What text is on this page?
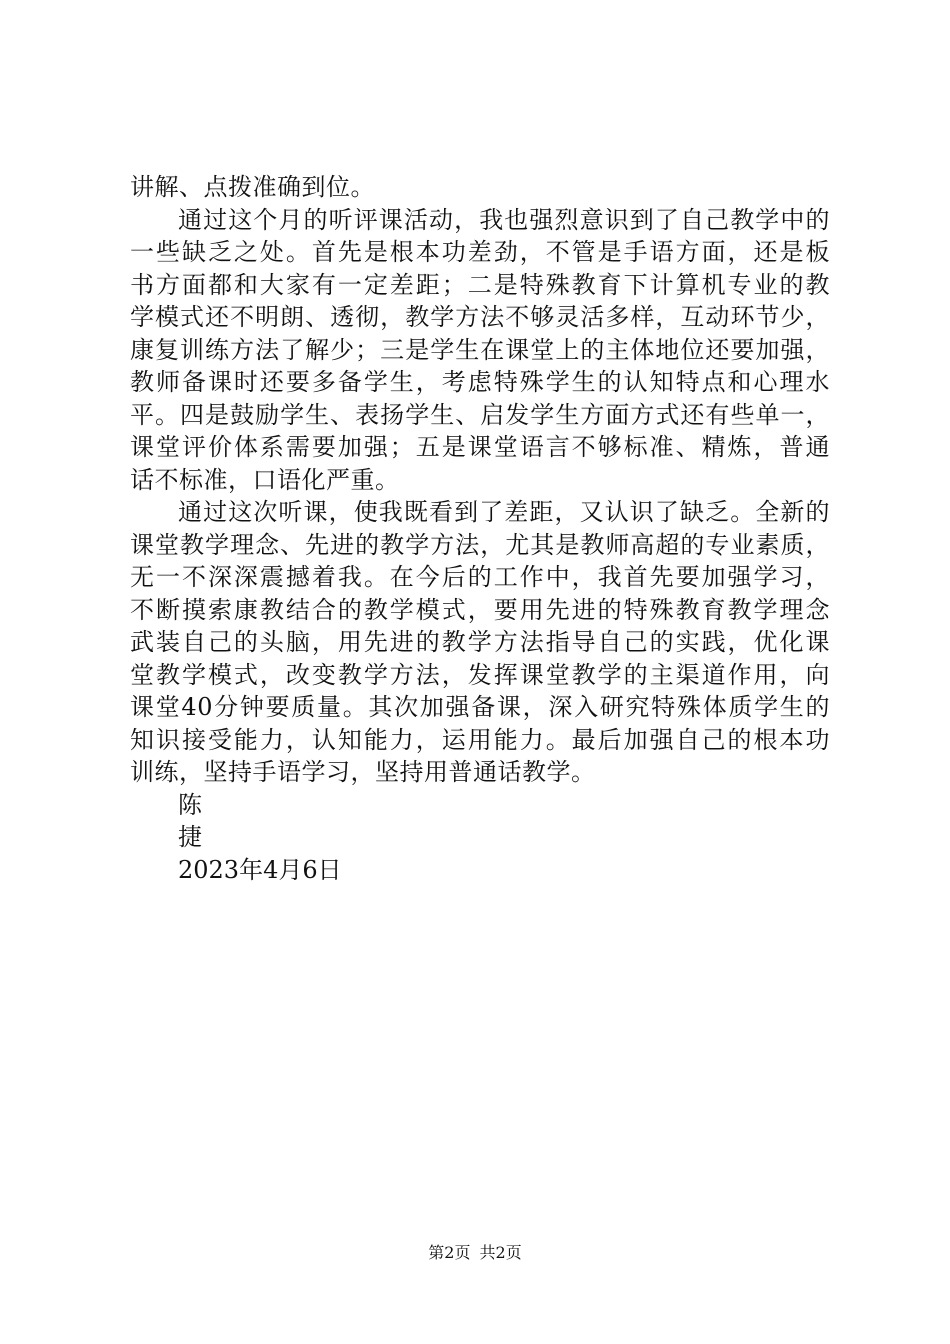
讲解、点拨准确到位。
通过这个月的听评课活动，我也强烈意识到了自己教学中的
一些缺乏之处。首先是根本功差劲，不管是手语方面，还是板
书方面都和大家有一定差距；二是特殊教育下计算机专业的教
学模式还不明朗、透彻，教学方法不够灵活多样，互动环节少，
康复训练方法了解少；三是学生在课堂上的主体地位还要加强，
教师备课时还要多备学生，考虑特殊学生的认知特点和心理水
平。四是鼓励学生、表扬学生、启发学生方面方式还有些单一，
课堂评价体系需要加强；五是课堂语言不够标准、精炼，普通
话不标准，口语化严重。
通过这次听课，使我既看到了差距，又认识了缺乏。全新的
课堂教学理念、先进的教学方法，尤其是教师高超的专业素质，
无一不深深震撼着我。在今后的工作中，我首先要加强学习，
不断摸索康教结合的教学模式，要用先进的特殊教育教学理念
武装自己的头脑，用先进的教学方法指导自己的实践，优化课
堂教学模式，改变教学方法，发挥课堂教学的主渠道作用，向
课堂40分钟要质量。其次加强备课，深入研究特殊体质学生的
知识接受能力，认知能力，运用能力。最后加强自己的根本功
训练，坚持手语学习，坚持用普通话教学。
陈
捷
2023年4月6日
第2页 共2页
